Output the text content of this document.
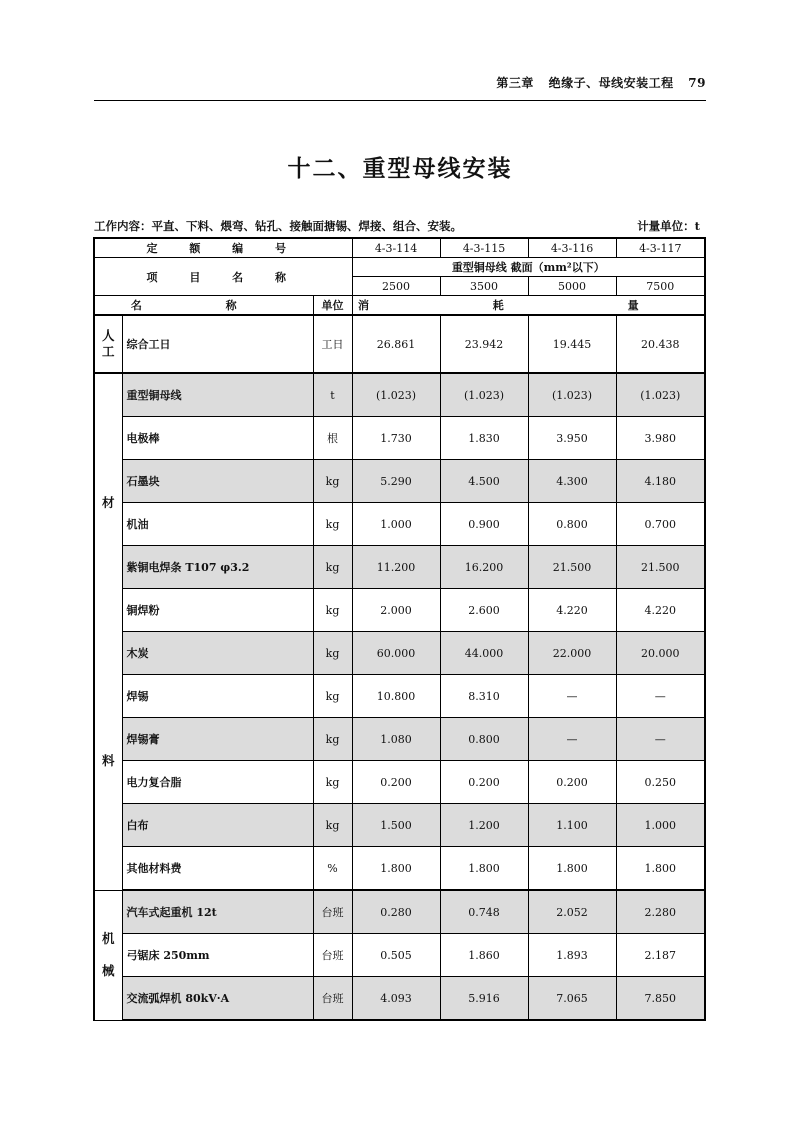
第三章 绝缘子、母线安装工程 79
十二、重型母线安装
工作内容：平直、下料、煨弯、钻孔、接触面搪锡、焊接、组合、安装。	计量单位：t
定 额 编 号			4-3-114	4-3-115	4-3-116	4-3-117
项 目 名 称			重型铜母线 截面（mm²以下）			
			2500	3500	5000	7500
名 称		单位	消 耗 量			

人
工	综合工日	工日	26.861	23.942	19.445	20.438

材
料	重型铜母线	t	(1.023)	(1.023)	(1.023)	(1.023)
	电极棒	根	1.730	1.830	3.950	3.980
	石墨块	kg	5.290	4.500	4.300	4.180
	机油	kg	1.000	0.900	0.800	0.700
	紫铜电焊条 T107 φ3.2	kg	11.200	16.200	21.500	21.500
	铜焊粉	kg	2.000	2.600	4.220	4.220
	木炭	kg	60.000	44.000	22.000	20.000
	焊锡	kg	10.800	8.310	—	—
	焊锡膏	kg	1.080	0.800	—	—
	电力复合脂	kg	0.200	0.200	0.200	0.250
	白布	kg	1.500	1.200	1.100	1.000
	其他材料费	%	1.800	1.800	1.800	1.800

机

械	汽车式起重机 12t	台班	0.280	0.748	2.052	2.280
	弓锯床 250mm	台班	0.505	1.860	1.893	2.187
	交流弧焊机 80kV·A	台班	4.093	5.916	7.065	7.850
